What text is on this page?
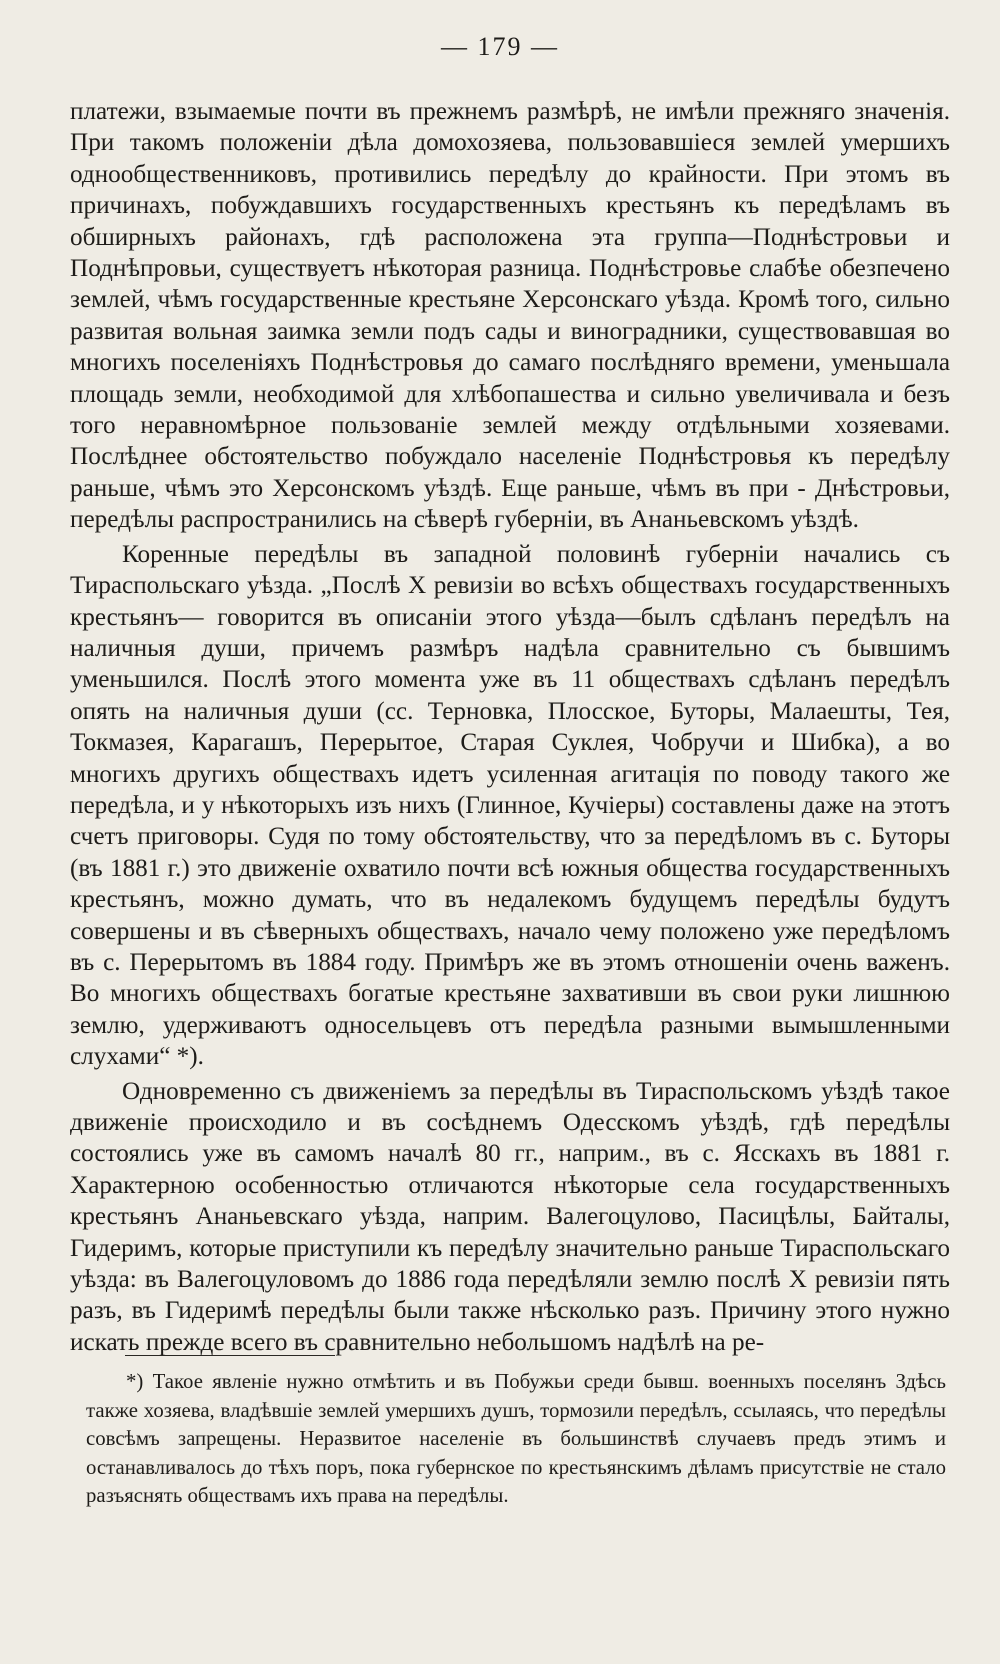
— 179 —

платежи, взымаемые почти въ прежнемъ размѣрѣ, не имѣли прежняго значенія. При такомъ положеніи дѣла домохозяева, пользовавшіеся землей умершихъ однообщественниковъ, противились передѣлу до крайности. При этомъ въ причинахъ, побуждавшихъ государственныхъ крестьянъ къ передѣламъ въ обширныхъ районахъ, гдѣ расположена эта группа—Поднѣстровьи и Поднѣпровьи, существуетъ нѣкоторая разница. Поднѣстровье слабѣе обезпечено землей, чѣмъ государственные крестьяне Херсонскаго уѣзда. Кромѣ того, сильно развитая вольная заимка земли подъ сады и виноградники, существовавшая во многихъ поселеніяхъ Поднѣстровья до самаго послѣдняго времени, уменьшала площадь земли, необходимой для хлѣбопашества и сильно увеличивала и безъ того неравномѣрное пользованіе землей между отдѣльными хозяевами. Послѣднее обстоятельство побуждало населеніе Поднѣстровья къ передѣлу раньше, чѣмъ это Херсонскомъ уѣздѣ. Еще раньше, чѣмъ въ при - Днѣстровьи, передѣлы распространились на сѣверѣ губерніи, въ Ананьевскомъ уѣздѣ.

Коренные передѣлы въ западной половинѣ губерніи начались съ Тираспольскаго уѣзда. „Послѣ X ревизіи во всѣхъ обществахъ государственныхъ крестьянъ— говорится въ описаніи этого уѣзда—былъ сдѣланъ передѣлъ на наличныя души, причемъ размѣръ надѣла сравнительно съ бывшимъ уменьшился. Послѣ этого момента уже въ 11 обществахъ сдѣланъ передѣлъ опять на наличныя души (сс. Терновка, Плосское, Буторы, Малаешты, Тея, Токмазея, Карагашъ, Перерытое, Старая Суклея, Чобручи и Шибка), а во многихъ другихъ обществахъ идетъ усиленная агитація по поводу такого же передѣла, и у нѣкоторыхъ изъ нихъ (Глинное, Кучіеры) составлены даже на этотъ счетъ приговоры. Судя по тому обстоятельству, что за передѣломъ въ с. Буторы (въ 1881 г.) это движеніе охватило почти всѣ южныя общества государственныхъ крестьянъ, можно думать, что въ недалекомъ будущемъ передѣлы будутъ совершены и въ сѣверныхъ обществахъ, начало чему положено уже передѣломъ въ с. Перерытомъ въ 1884 году. Примѣръ же въ этомъ отношеніи очень важенъ. Во многихъ обществахъ богатые крестьяне захвативши въ свои руки лишнюю землю, удерживаютъ односельцевъ отъ передѣла разными вымышленными слухами“ *).

Одновременно съ движеніемъ за передѣлы въ Тираспольскомъ уѣздѣ такое движеніе происходило и въ сосѣднемъ Одесскомъ уѣздѣ, гдѣ передѣлы состоялись уже въ самомъ началѣ 80 гг., наприм., въ с. Ясскахъ въ 1881 г. Характерною особенностью отличаются нѣкоторые села государственныхъ крестьянъ Ананьевскаго уѣзда, наприм. Валегоцулово, Пасицѣлы, Байталы, Гидеримъ, которые приступили къ передѣлу значительно раньше Тираспольскаго уѣзда: въ Валегоцуловомъ до 1886 года передѣляли землю послѣ X ревизіи пять разъ, въ Гидеримѣ передѣлы были также нѣсколько разъ. Причину этого нужно искать прежде всего въ сравнительно небольшомъ надѣлѣ на ре-

*) Такое явленіе нужно отмѣтить и въ Побужьи среди бывш. военныхъ поселянъ Здѣсь также хозяева, владѣвшіе землей умершихъ душъ, тормозили передѣлъ, ссылаясь, что передѣлы совсѣмъ запрещены. Неразвитое населеніе въ большинствѣ случаевъ предъ этимъ и останавливалось до тѣхъ поръ, пока губернское по крестьянскимъ дѣламъ присутствіе не стало разъяснять обществамъ ихъ права на передѣлы.
